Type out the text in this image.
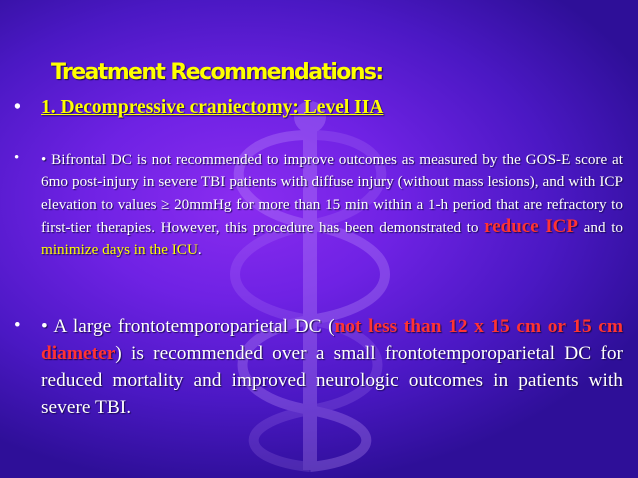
Treatment Recommendations:
• 1. Decompressive craniectomy: Level IIA
• • Bifrontal DC is not recommended to improve outcomes as measured by the GOS-E score at 6mo post-injury in severe TBI patients with diffuse injury (without mass lesions), and with ICP elevation to values ≥ 20mmHg for more than 15 min within a 1-h period that are refractory to first-tier therapies. However, this procedure has been demonstrated to reduce ICP and to minimize days in the ICU.
• • A large frontotemporoparietal DC (not less than 12 x 15 cm or 15 cm diameter) is recommended over a small frontotemporoparietal DC for reduced mortality and improved neurologic outcomes in patients with severe TBI.
